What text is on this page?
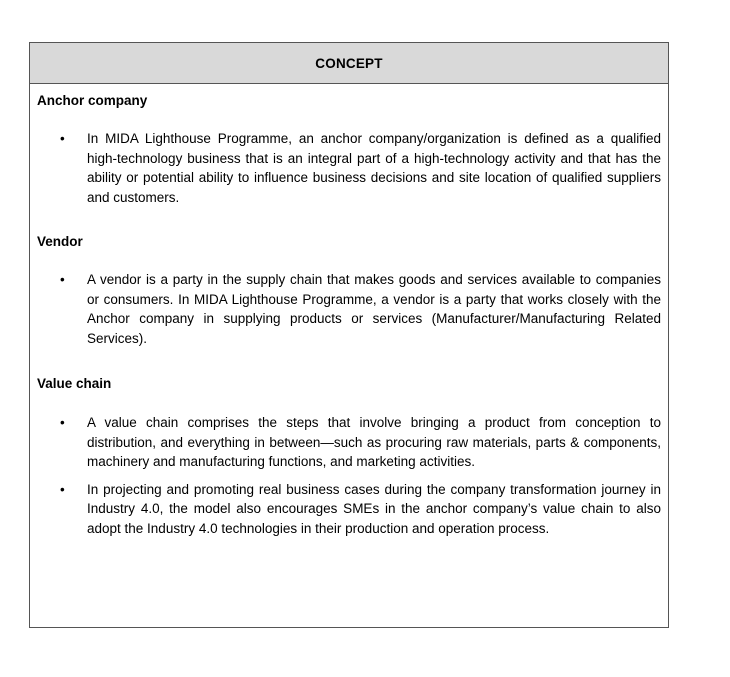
CONCEPT

Anchor company

• In MIDA Lighthouse Programme, an anchor company/organization is defined as a qualified high-technology business that is an integral part of a high-technology activity and that has the ability or potential ability to influence business decisions and site location of qualified suppliers and customers.

Vendor

• A vendor is a party in the supply chain that makes goods and services available to companies or consumers. In MIDA Lighthouse Programme, a vendor is a party that works closely with the Anchor company in supplying products or services (Manufacturer/Manufacturing Related Services).

Value chain

• A value chain comprises the steps that involve bringing a product from conception to distribution, and everything in between—such as procuring raw materials, parts & components, machinery and manufacturing functions, and marketing activities.
• In projecting and promoting real business cases during the company transformation journey in Industry 4.0, the model also encourages SMEs in the anchor company’s value chain to also adopt the Industry 4.0 technologies in their production and operation process.
